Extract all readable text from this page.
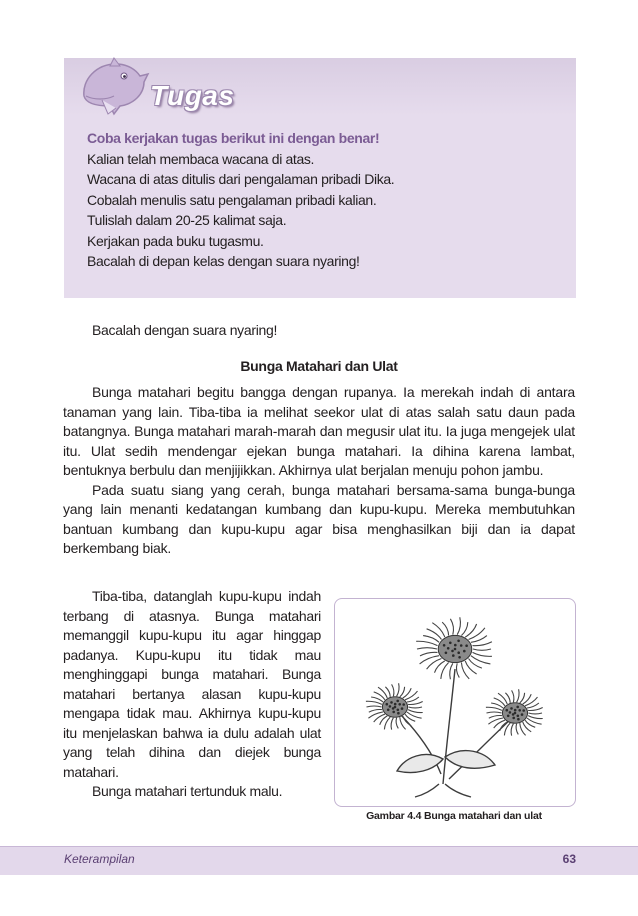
Tugas
Coba kerjakan tugas berikut ini dengan benar!
Kalian telah membaca wacana di atas.
Wacana di atas ditulis dari pengalaman pribadi Dika.
Cobalah menulis satu pengalaman pribadi kalian.
Tulislah dalam 20-25 kalimat saja.
Kerjakan pada buku tugasmu.
Bacalah di depan kelas dengan suara nyaring!
Bacalah dengan suara nyaring!
Bunga Matahari dan Ulat

Bunga matahari begitu bangga dengan rupanya. Ia merekah indah di antara tanaman yang lain. Tiba-tiba ia melihat seekor ulat di atas salah satu daun pada batangnya. Bunga matahari marah-marah dan megusir ulat itu. Ia juga mengejek ulat itu. Ulat sedih mendengar ejekan bunga matahari. Ia dihina karena lambat, bentuknya berbulu dan menjijikkan. Akhirnya ulat berjalan menuju pohon jambu.

Pada suatu siang yang cerah, bunga matahari bersama-sama bunga-bunga yang lain menanti kedatangan kumbang dan kupu-kupu. Mereka membutuhkan bantuan kumbang dan kupu-kupu agar bisa menghasilkan biji dan ia dapat berkembang biak.

Tiba-tiba, datanglah kupu-kupu indah terbang di atasnya. Bunga matahari memanggil kupu-kupu itu agar hinggap padanya. Kupu-kupu itu tidak mau menghinggapi bunga matahari. Bunga matahari bertanya alasan kupu-kupu mengapa tidak mau. Akhirnya kupu-kupu itu menjelaskan bahwa ia dulu adalah ulat yang telah dihina dan diejek bunga matahari.

Bunga matahari tertunduk malu.

Gambar 4.4 Bunga matahari dan ulat
Keterampilan	63
